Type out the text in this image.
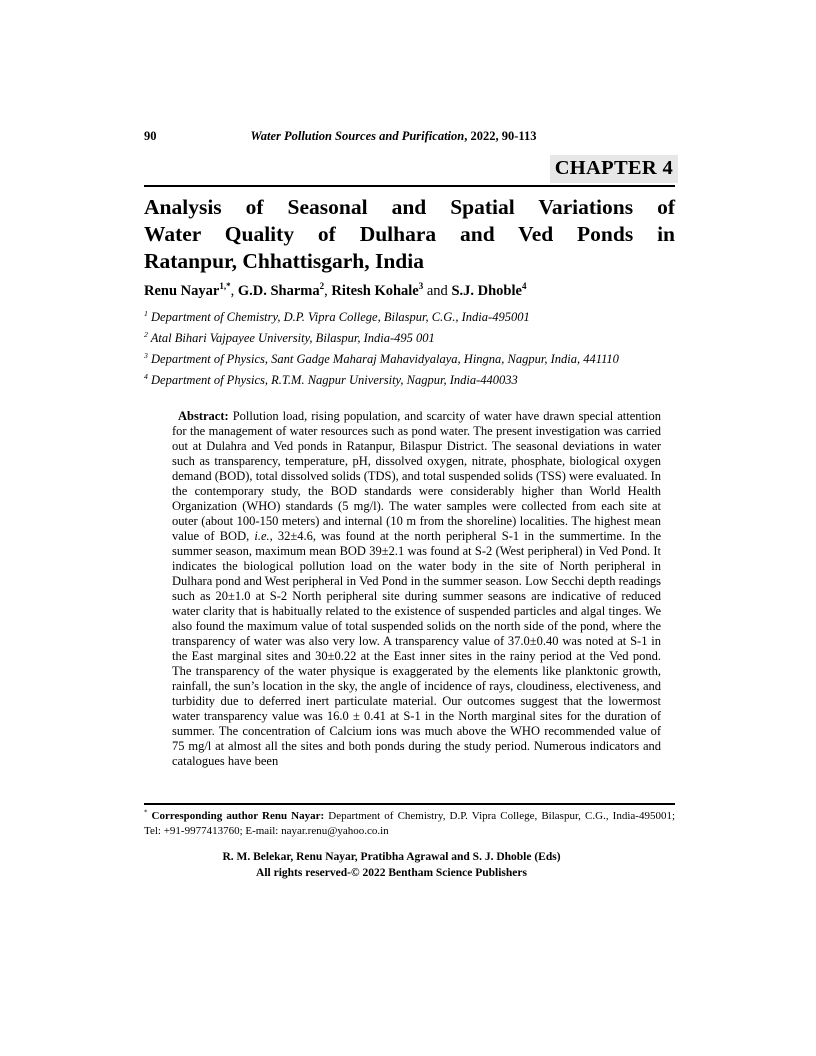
90	Water Pollution Sources and Purification, 2022, 90-113
CHAPTER 4
Analysis of Seasonal and Spatial Variations of
Water Quality of Dulhara and Ved Ponds in
Ratanpur, Chhattisgarh, India
Renu Nayar$^{1,*}$, G.D. Sharma$^2$, Ritesh Kohale$^3$ and S.J. Dhoble$^4$
$^1$ Department of Chemistry, D.P. Vipra College, Bilaspur, C.G., India-495001
$^2$ Atal Bihari Vajpayee University, Bilaspur, India-495 001
$^3$ Department of Physics, Sant Gadge Maharaj Mahavidyalaya, Hingna, Nagpur, India, 441110
$^4$ Department of Physics, R.T.M. Nagpur University, Nagpur, India-440033

Abstract: Pollution load, rising population, and scarcity of water have drawn special attention for the management of water resources such as pond water. The present investigation was carried out at Dulahra and Ved ponds in Ratanpur, Bilaspur District. The seasonal deviations in water such as transparency, temperature, pH, dissolved oxygen, nitrate, phosphate, biological oxygen demand (BOD), total dissolved solids (TDS), and total suspended solids (TSS) were evaluated. In the contemporary study, the BOD standards were considerably higher than World Health Organization (WHO) standards (5 mg/l). The water samples were collected from each site at outer (about 100-150 meters) and internal (10 m from the shoreline) localities. The highest mean value of BOD, i.e., 32±4.6, was found at the north peripheral S-1 in the summertime. In the summer season, maximum mean BOD 39±2.1 was found at S-2 (West peripheral) in Ved Pond. It indicates the biological pollution load on the water body in the site of North peripheral in Dulhara pond and West peripheral in Ved Pond in the summer season. Low Secchi depth readings such as 20±1.0 at S-2 North peripheral site during summer seasons are indicative of reduced water clarity that is habitually related to the existence of suspended particles and algal tinges. We also found the maximum value of total suspended solids on the north side of the pond, where the transparency of water was also very low. A transparency value of 37.0±0.40 was noted at S-1 in the East marginal sites and 30±0.22 at the East inner sites in the rainy period at the Ved pond. The transparency of the water physique is exaggerated by the elements like planktonic growth, rainfall, the sun’s location in the sky, the angle of incidence of rays, cloudiness, electiveness, and turbidity due to deferred inert particulate material. Our outcomes suggest that the lowermost water transparency value was 16.0 ± 0.41 at S-1 in the North marginal sites for the duration of summer. The concentration of Calcium ions was much above the WHO recommended value of 75 mg/l at almost all the sites and both ponds during the study period. Numerous indicators and catalogues have been

* Corresponding author Renu Nayar: Department of Chemistry, D.P. Vipra College, Bilaspur, C.G., India-495001; Tel: +91-9977413760; E-mail: nayar.renu@yahoo.co.in

R. M. Belekar, Renu Nayar, Pratibha Agrawal and S. J. Dhoble (Eds)
All rights reserved-© 2022 Bentham Science Publishers
